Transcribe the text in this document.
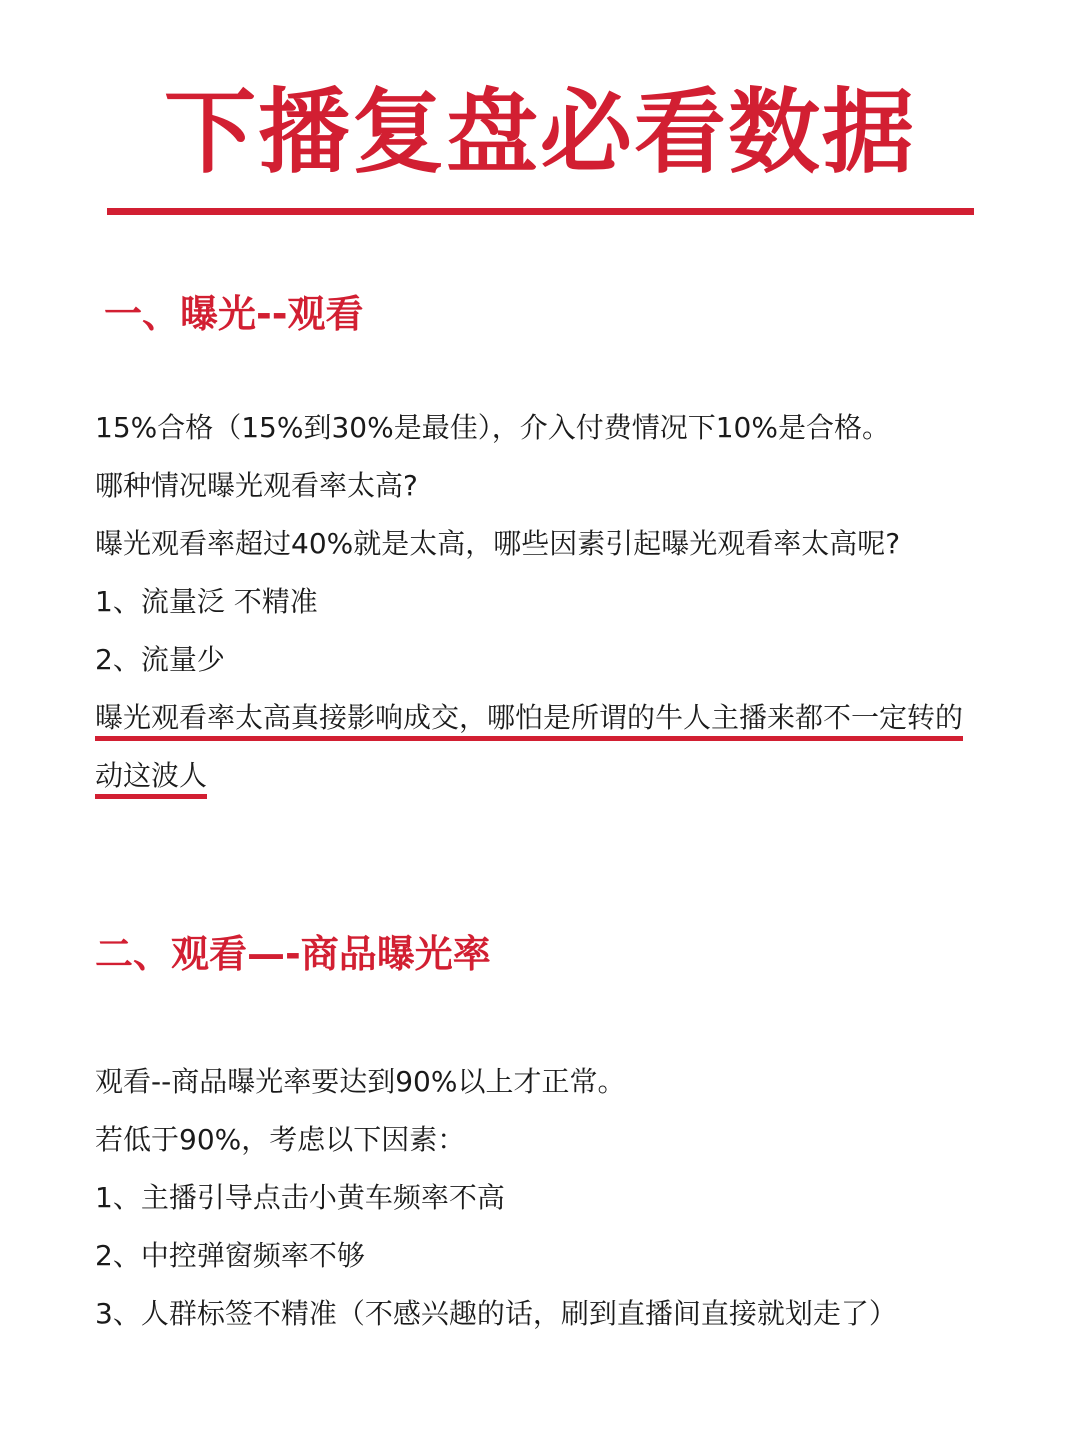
下播复盘必看数据
一、曝光--观看
15%合格（15%到30%是最佳），介入付费情况下10%是合格。
哪种情况曝光观看率太高?
曝光观看率超过40%就是太高，哪些因素引起曝光观看率太高呢?
1、流量泛 不精准
2、流量少
曝光观看率太高真接影响成交，哪怕是所谓的牛人主播来都不一定转的动这波人
二、观看—-商品曝光率
观看--商品曝光率要达到90%以上才正常。
若低于90%，考虑以下因素：
1、主播引导点击小黄车频率不高
2、中控弹窗频率不够
3、人群标签不精准（不感兴趣的话，刷到直播间直接就划走了）
